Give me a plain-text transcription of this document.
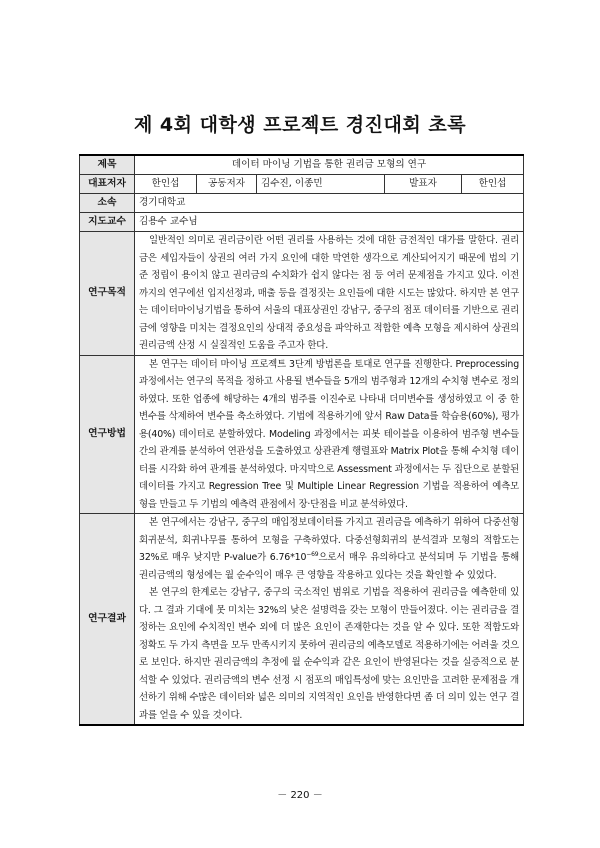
제 4회 대학생 프로젝트 경진대회 초록
제목	데이터 마이닝 기법을 통한 권리금 모형의 연구				
대표저자	한인섭	공동저자	김수진, 이종민	발표자	한인섭
소속	경기대학교				
지도교수	김용수 교수님				
연구목적	일반적인 의미로 권리금이란 어떤 권리를 사용하는 것에 대한 금전적인 대가를 말한다. 권리금은 세입자들이 상권의 여러 가지 요인에 대한 막연한 생각으로 계산되어지기 때문에 법의 기준 정립이 용이치 않고 권리금의 수치화가 쉽지 않다는 점 등 여러 문제점을 가지고 있다. 이전까지의 연구에선 입지선정과, 매출 등을 결정짓는 요인들에 대한 시도는 많았다. 하지만 본 연구는 데이터마이닝기법을 통하여 서울의 대표상권인 강남구, 중구의 점포 데이터를 기반으로 권리금에 영향을 미치는 결정요인의 상대적 중요성을 파악하고 적합한 예측 모형을 제시하여 상권의 권리금액 산정 시 실질적인 도움을 주고자 한다.				

연구방법	본 연구는 데이터 마이닝 프로젝트 3단계 방법론을 토대로 연구를 진행한다. Preprocessing 과정에서는 연구의 목적을 정하고 사용될 변수들을 5개의 범주형과 12개의 수치형 변수로 정의하였다. 또한 업종에 해당하는 4개의 범주를 이진수로 나타내 더미변수를 생성하였고 이 중 한 변수를 삭제하여 변수를 축소하였다. 기법에 적용하기에 앞서 Raw Data를 학습용(60%), 평가용(40%) 데이터로 분할하였다. Modeling 과정에서는 피봇 테이블을 이용하여 범주형 변수들간의 관계를 분석하여 연관성을 도출하였고 상관관계 행렬표와 Matrix Plot을 통해 수치형 데이터를 시각화 하여 관계를 분석하였다. 마지막으로 Assessment 과정에서는 두 집단으로 분할된 데이터를 가지고 Regression Tree 및 Multiple Linear Regression 기법을 적용하여 예측모형을 만들고 두 기법의 예측력 관점에서 장·단점을 비교 분석하였다.				

연구결과	본 연구에서는 강남구, 중구의 매입정보데이터를 가지고 권리금을 예측하기 위하여 다중선형회귀분석, 회귀나무를 통하여 모형을 구축하였다. 다중선형회귀의 분석결과 모형의 적합도는 32%로 매우 낮지만 P-value가 $6.76*10^{-69}$으로서 매우 유의하다고 분석되며 두 기법을 통해 권리금액의 형성에는 월 순수익이 매우 큰 영향을 작용하고 있다는 것을 확인할 수 있었다.

본 연구의 한계로는 강남구, 중구의 국소적인 범위로 기법을 적용하여 권리금을 예측한데 있다. 그 결과 기대에 못 미치는 32%의 낮은 설명력을 갖는 모형이 만들어졌다. 이는 권리금을 결정하는 요인에 수치적인 변수 외에 더 많은 요인이 존재한다는 것을 알 수 있다. 또한 적합도와 정확도 두 가지 측면을 모두 만족시키지 못하여 권리금의 예측모델로 적용하기에는 어려울 것으로 보인다. 하지만 권리금액의 추정에 월 순수익과 같은 요인이 반영된다는 것을 실증적으로 분석할 수 있었다. 권리금액의 변수 선정 시 점포의 매입특성에 맞는 요인만을 고려한 문제점을 개선하기 위해 수많은 데이터와 넓은 의미의 지역적인 요인을 반영한다면 좀 더 의미 있는 연구 결과를 얻을 수 있을 것이다.				

－ 220 －
